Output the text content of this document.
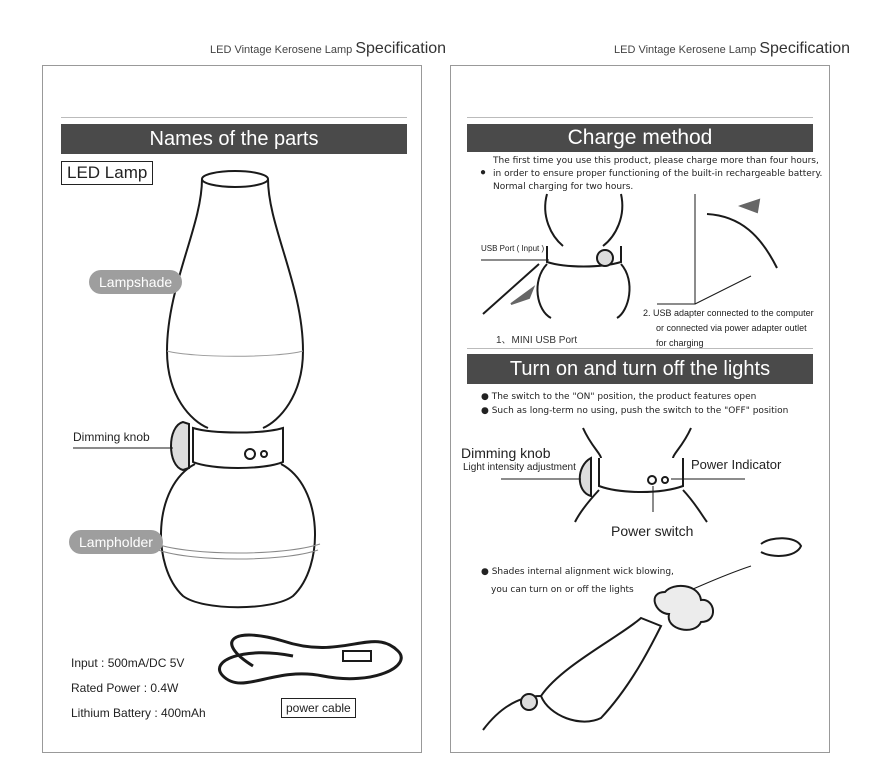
LED Vintage Kerosene Lamp Specification	LED Vintage Kerosene Lamp Specification
Names of the parts
LED Lamp
Lampshade
Dimming knob
Lampholder
Input : 500mA/DC 5V
Rated Power : 0.4W
Lithium Battery : 400mAh	power cable
Charge method
The first time you use this product, please charge more than four hours,
in order to ensure proper functioning of the built-in rechargeable battery.
Normal charging for two hours.
●
USB Port ( Input )
1、MINI USB Port
2. USB adapter connected to the computer
or connected via power adapter outlet
for charging
Turn on and turn off the lights
● The switch to the "ON" position, the product features open
● Such as long-term no using, push the switch to the "OFF" position
Dimming knob
Light intensity adjustment	Power Indicator
Power switch
● Shades internal alignment wick blowing,
you can turn on or off the lights
